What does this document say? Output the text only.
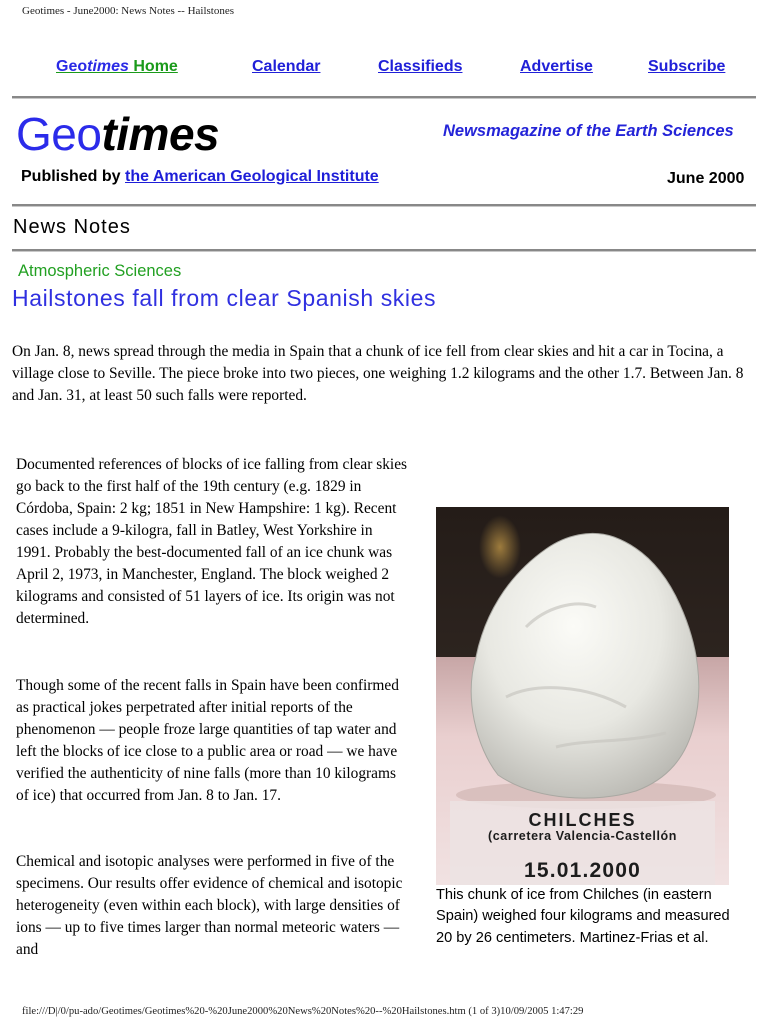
Geotimes - June2000: News Notes -- Hailstones
Geotimes Home	Calendar	Classifieds	Advertise	Subscribe
Geotimes	Newsmagazine of the Earth Sciences
Published by the American Geological Institute	June 2000
News Notes
Atmospheric Sciences
Hailstones fall from clear Spanish skies

On Jan. 8, news spread through the media in Spain that a chunk of ice fell from clear skies and hit a car in Tocina, a village close to Seville. The piece broke into two pieces, one weighing 1.2 kilograms and the other 1.7. Between Jan. 8 and Jan. 31, at least 50 such falls were reported.

Documented references of blocks of ice falling from clear skies go back to the first half of the 19th century (e.g. 1829 in Córdoba, Spain: 2 kg; 1851 in New Hampshire: 1 kg). Recent cases include a 9-kilogra, fall in Batley, West Yorkshire in 1991. Probably the best-documented fall of an ice chunk was April 2, 1973, in Manchester, England. The block weighed 2 kilograms and consisted of 51 layers of ice. Its origin was not determined.

Though some of the recent falls in Spain have been confirmed as practical jokes perpetrated after initial reports of the phenomenon — people froze large quantities of tap water and left the blocks of ice close to a public area or road — we have verified the authenticity of nine falls (more than 10 kilograms of ice) that occurred from Jan. 8 to Jan. 17.

Chemical and isotopic analyses were performed in five of the specimens. Our results offer evidence of chemical and isotopic heterogeneity (even within each block), with large densities of ions — up to five times larger than normal meteoric waters — and

CHILCHES
(carretera Valencia-Castellón
15.01.2000
This chunk of ice from Chilches (in eastern Spain) weighed four kilograms and measured 20 by 26 centimeters. Martinez-Frias et al.
file:///D|/0/pu-ado/Geotimes/Geotimes%20-%20June2000%20News%20Notes%20--%20Hailstones.htm (1 of 3)10/09/2005 1:47:29
